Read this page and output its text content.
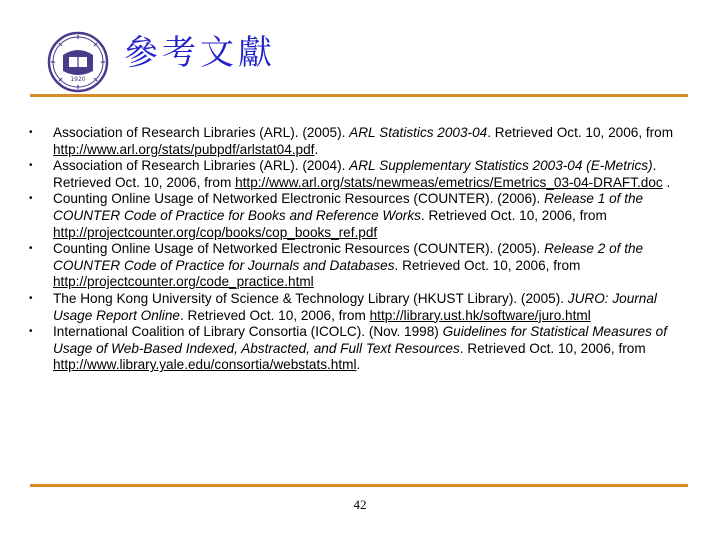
1920
參考文獻
• Association of Research Libraries (ARL). (2005). ARL Statistics 2003-04. Retrieved Oct. 10, 2006, from http://www.arl.org/stats/pubpdf/arlstat04.pdf.
• Association of Research Libraries (ARL). (2004). ARL Supplementary Statistics 2003-04 (E-Metrics). Retrieved Oct. 10, 2006, from http://www.arl.org/stats/newmeas/emetrics/Emetrics_03-04-DRAFT.doc .
• Counting Online Usage of Networked Electronic Resources (COUNTER). (2006). Release 1 of the COUNTER Code of Practice for Books and Reference Works. Retrieved Oct. 10, 2006, from http://projectcounter.org/cop/books/cop_books_ref.pdf
• Counting Online Usage of Networked Electronic Resources (COUNTER). (2005). Release 2 of the COUNTER Code of Practice for Journals and Databases. Retrieved Oct. 10, 2006, from http://projectcounter.org/code_practice.html
• The Hong Kong University of Science & Technology Library (HKUST Library). (2005). JURO: Journal Usage Report Online. Retrieved Oct. 10, 2006, from http://library.ust.hk/software/juro.html
• International Coalition of Library Consortia (ICOLC). (Nov. 1998) Guidelines for Statistical Measures of Usage of Web-Based Indexed, Abstracted, and Full Text Resources. Retrieved Oct. 10, 2006, from http://www.library.yale.edu/consortia/webstats.html.
42
